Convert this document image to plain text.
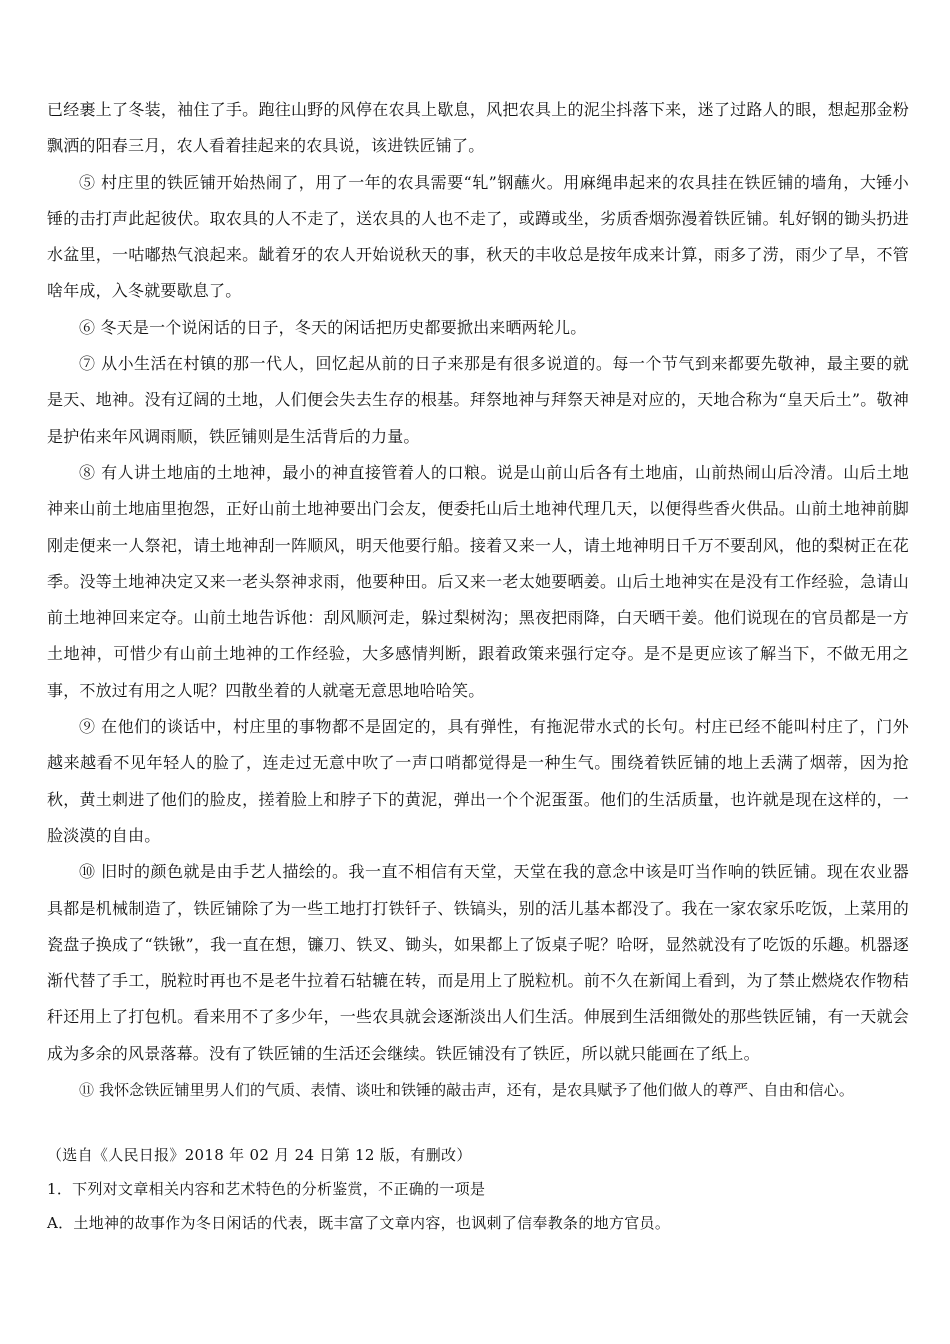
已经裹上了冬装，袖住了手。跑往山野的风停在农具上歇息，风把农具上的泥尘抖落下来，迷了过路人的眼，想起那金粉飘洒的阳春三月，农人看着挂起来的农具说，该进铁匠铺了。

⑤ 村庄里的铁匠铺开始热闹了，用了一年的农具需要“轧”钢蘸火。用麻绳串起来的农具挂在铁匠铺的墙角，大锤小锤的击打声此起彼伏。取农具的人不走了，送农具的人也不走了，或蹲或坐，劣质香烟弥漫着铁匠铺。轧好钢的锄头扔进水盆里，一咕嘟热气浪起来。龇着牙的农人开始说秋天的事，秋天的丰收总是按年成来计算，雨多了涝，雨少了旱，不管啥年成，入冬就要歇息了。

⑥ 冬天是一个说闲话的日子，冬天的闲话把历史都要掀出来晒两轮儿。

⑦ 从小生活在村镇的那一代人，回忆起从前的日子来那是有很多说道的。每一个节气到来都要先敬神，最主要的就是天、地神。没有辽阔的土地，人们便会失去生存的根基。拜祭地神与拜祭天神是对应的，天地合称为“皇天后土”。敬神是护佑来年风调雨顺，铁匠铺则是生活背后的力量。

⑧ 有人讲土地庙的土地神，最小的神直接管着人的口粮。说是山前山后各有土地庙，山前热闹山后冷清。山后土地神来山前土地庙里抱怨，正好山前土地神要出门会友，便委托山后土地神代理几天，以便得些香火供品。山前土地神前脚刚走便来一人祭祀，请土地神刮一阵顺风，明天他要行船。接着又来一人，请土地神明日千万不要刮风，他的梨树正在花季。没等土地神决定又来一老头祭神求雨，他要种田。后又来一老太她要晒姜。山后土地神实在是没有工作经验，急请山前土地神回来定夺。山前土地告诉他：刮风顺河走，躲过梨树沟；黑夜把雨降，白天晒干姜。他们说现在的官员都是一方土地神，可惜少有山前土地神的工作经验，大多感情判断，跟着政策来强行定夺。是不是更应该了解当下，不做无用之事，不放过有用之人呢？四散坐着的人就毫无意思地哈哈笑。

⑨ 在他们的谈话中，村庄里的事物都不是固定的，具有弹性，有拖泥带水式的长句。村庄已经不能叫村庄了，门外越来越看不见年轻人的脸了，连走过无意中吹了一声口哨都觉得是一种生气。围绕着铁匠铺的地上丢满了烟蒂，因为抢秋，黄土刺进了他们的脸皮，搓着脸上和脖子下的黄泥，弹出一个个泥蛋蛋。他们的生活质量，也许就是现在这样的，一脸淡漠的自由。

⑩ 旧时的颜色就是由手艺人描绘的。我一直不相信有天堂，天堂在我的意念中该是叮当作响的铁匠铺。现在农业器具都是机械制造了，铁匠铺除了为一些工地打打铁钎子、铁镐头，别的活儿基本都没了。我在一家农家乐吃饭，上菜用的瓷盘子换成了“铁锹”，我一直在想，镰刀、铁叉、锄头，如果都上了饭桌子呢？哈呀，显然就没有了吃饭的乐趣。机器逐渐代替了手工，脱粒时再也不是老牛拉着石轱辘在转，而是用上了脱粒机。前不久在新闻上看到，为了禁止燃烧农作物秸秆还用上了打包机。看来用不了多少年，一些农具就会逐渐淡出人们生活。伸展到生活细微处的那些铁匠铺，有一天就会成为多余的风景落幕。没有了铁匠铺的生活还会继续。铁匠铺没有了铁匠，所以就只能画在了纸上。

⑪ 我怀念铁匠铺里男人们的气质、表情、谈吐和铁锤的敲击声，还有，是农具赋予了他们做人的尊严、自由和信心。

（选自《人民日报》2018 年 02 月 24 日第 12 版，有删改）

1．下列对文章相关内容和艺术特色的分析鉴赏，不正确的一项是

A．土地神的故事作为冬日闲话的代表，既丰富了文章内容，也讽刺了信奉教条的地方官员。
